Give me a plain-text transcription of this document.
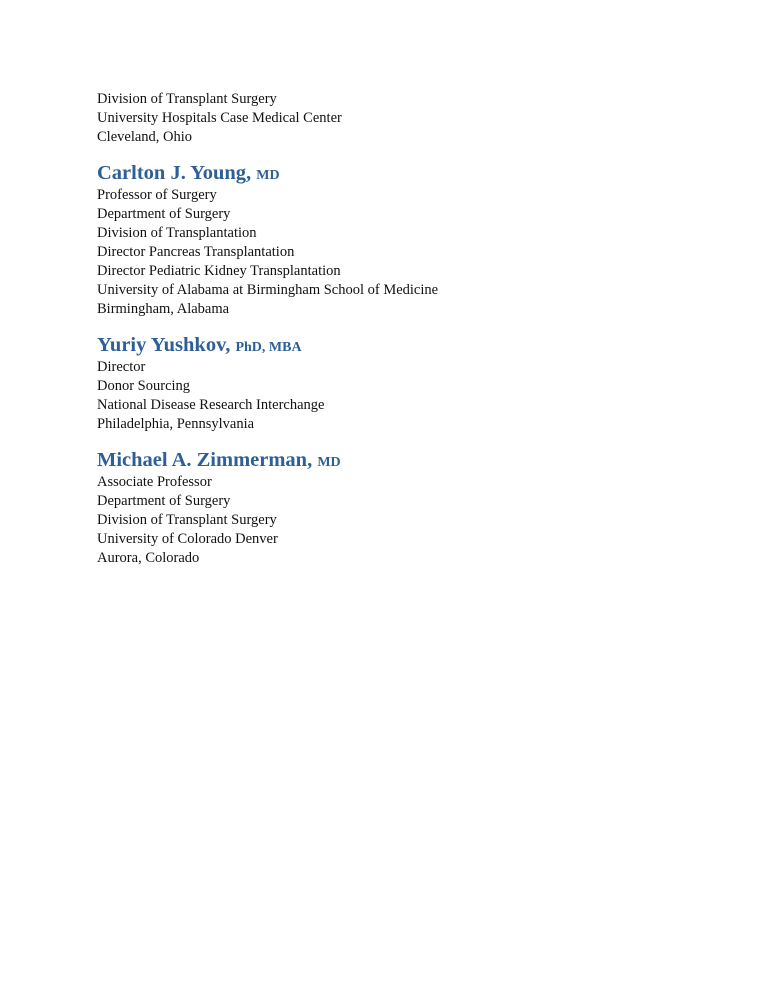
Division of Transplant Surgery
University Hospitals Case Medical Center
Cleveland, Ohio
Carlton J. Young, MD
Professor of Surgery
Department of Surgery
Division of Transplantation
Director Pancreas Transplantation
Director Pediatric Kidney Transplantation
University of Alabama at Birmingham School of Medicine
Birmingham, Alabama
Yuriy Yushkov, PhD, MBA
Director
Donor Sourcing
National Disease Research Interchange
Philadelphia, Pennsylvania
Michael A. Zimmerman, MD
Associate Professor
Department of Surgery
Division of Transplant Surgery
University of Colorado Denver
Aurora, Colorado
